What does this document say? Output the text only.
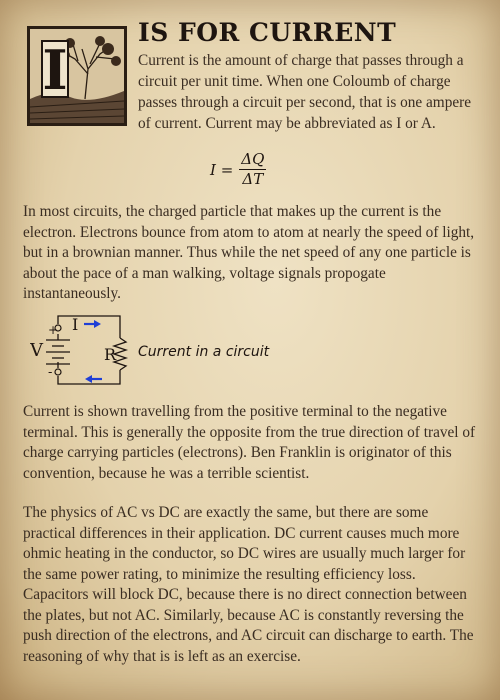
I
IS FOR CURRENT

Current is the amount of charge that passes through a circuit per unit time. When one Coloumb of charge passes through a circuit per second, that is one ampere of current. Current may be abbreviated as I or A.

$I = \frac{\Delta Q}{\Delta T}$

In most circuits, the charged particle that makes up the current is the electron. Electrons bounce from atom to atom at nearly the speed of light, but in a brownian manner. Thus while the net speed of any one particle is about the pace of a man walking, voltage signals propogate instantaneously.

+
-
V
I
R Current in a circuit

Current is shown travelling from the positive terminal to the negative terminal. This is generally the opposite from the true direction of travel of charge carrying particles (electrons). Ben Franklin is originator of this convention, because he was a terrible scientist.

The physics of AC vs DC are exactly the same, but there are some practical differences in their application. DC current causes much more ohmic heating in the conductor, so DC wires are usually much larger for the same power rating, to minimize the resulting efficiency loss. Capacitors will block DC, because there is no direct connection between the plates, but not AC. Similarly, because AC is constantly reversing the push direction of the electrons, and AC circuit can discharge to earth. The reasoning of why that is is left as an exercise.
